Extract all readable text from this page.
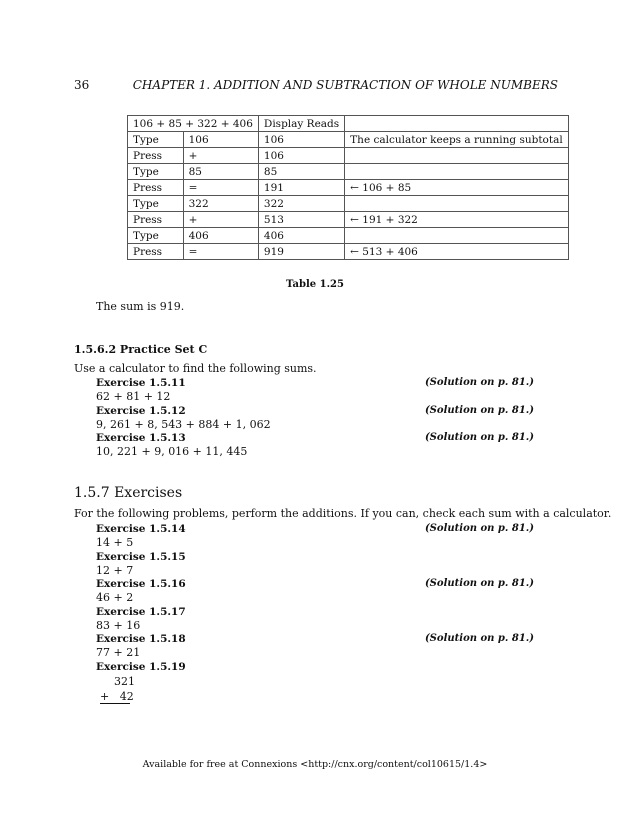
36	CHAPTER 1. ADDITION AND SUBTRACTION OF WHOLE NUMBERS
106 + 85 + 322 + 406		Display Reads	
Type	106	106	The calculator keeps a running subtotal
Press	+	106	
Type	85	85	
Press	=	191	← 106 + 85
Type	322	322	
Press	+	513	← 191 + 322
Type	406	406	
Press	=	919	← 513 + 406
Table 1.25
The sum is 919.
1.5.6.2 Practice Set C
Use a calculator to find the following sums.
Exercise 1.5.11	(Solution on p. 81.)
62 + 81 + 12
Exercise 1.5.12	(Solution on p. 81.)
9, 261 + 8, 543 + 884 + 1, 062
Exercise 1.5.13	(Solution on p. 81.)
10, 221 + 9, 016 + 11, 445
1.5.7 Exercises
For the following problems, perform the additions. If you can, check each sum with a calculator.
Exercise 1.5.14	(Solution on p. 81.)
14 + 5
Exercise 1.5.15
12 + 7
Exercise 1.5.16	(Solution on p. 81.)
46 + 2
Exercise 1.5.17
83 + 16
Exercise 1.5.18	(Solution on p. 81.)
77 + 21
Exercise 1.5.19
321
+   42
Available for free at Connexions <http://cnx.org/content/col10615/1.4>
